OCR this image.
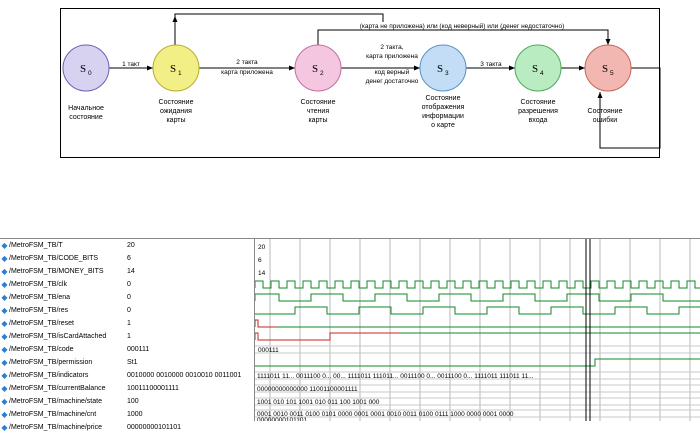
S 0
Начальное
состояние
S 1
Состояние
ожидания
карты
S 2
Состояние
чтения
карты
S 3
Состояние
отображения
информации
о карте
S 4
Состояние
разрешения
входа
S 5
Состояние
ошибки
1 такт	2 такта
карта приложена
2 такта,
карта приложена
код верный
денег достаточно
3 такта
(карта не приложена) или (код неверный) или (денег недостаточно)
◆ /MetroFSM_TB/T	20
◆ /MetroFSM_TB/CODE_BITS	6
◆ /MetroFSM_TB/MONEY_BITS	14
◆ /MetroFSM_TB/clk	0
◆ /MetroFSM_TB/ena	0
◆ /MetroFSM_TB/res	0
◆ /MetroFSM_TB/reset	1
◆ /MetroFSM_TB/isCardAttached	1
◆ /MetroFSM_TB/code	000111
◆ /MetroFSM_TB/permission	St1
◆ /MetroFSM_TB/indicators	0010000 0010000 0010010 0011001
◆ /MetroFSM_TB/currentBalance	10011100001111
◆ /MetroFSM_TB/machine/state	100
◆ /MetroFSM_TB/machine/cnt	1000
◆ /MetroFSM_TB/machine/price	00000000101101
20
6
14
000111
1111011 11... 0011100 0... 00... 1111011 111011... 0011100 0... 0011100 0... 1111011 111011 11...
00000000000000 11001100001111
1001 010 101 1001 010 011 100 1001 000
0001 0010 0011 0100 0101 0000 0001 0001 0010 0011 0100 0111 1000 0000 0001 0000
00000000101101
